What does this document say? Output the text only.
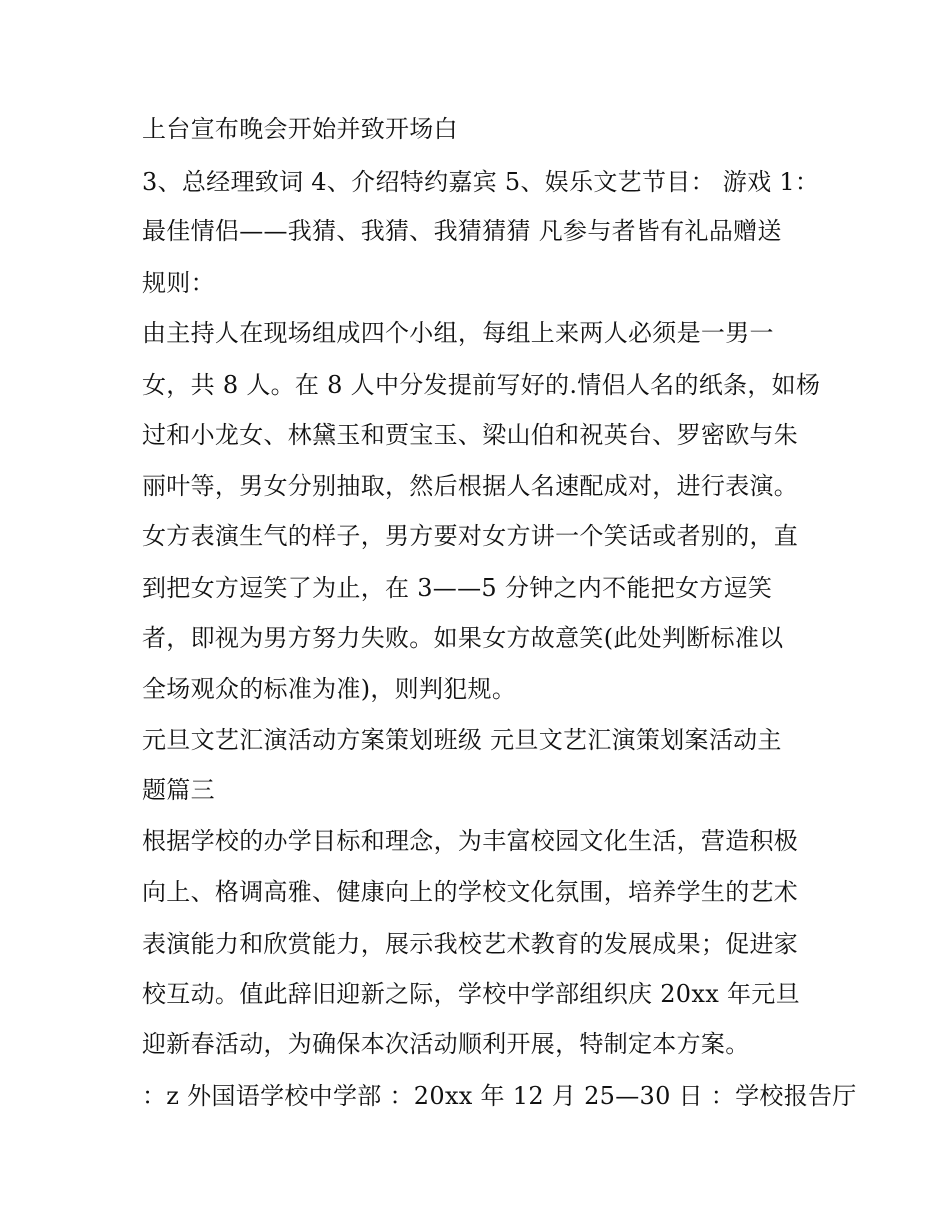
上台宣布晚会开始并致开场白
3、总经理致词 4、介绍特约嘉宾 5、娱乐文艺节目： 游戏 1：
最佳情侣——我猜、我猜、我猜猜猜 凡参与者皆有礼品赠送
规则：
由主持人在现场组成四个小组，每组上来两人必须是一男一
女，共 8 人。在 8 人中分发提前写好的.情侣人名的纸条，如杨
过和小龙女、林黛玉和贾宝玉、梁山伯和祝英台、罗密欧与朱
丽叶等，男女分别抽取，然后根据人名速配成对，进行表演。
女方表演生气的样子，男方要对女方讲一个笑话或者别的，直
到把女方逗笑了为止，在 3——5 分钟之内不能把女方逗笑
者，即视为男方努力失败。如果女方故意笑(此处判断标准以
全场观众的标准为准)，则判犯规。
元旦文艺汇演活动方案策划班级 元旦文艺汇演策划案活动主
题篇三
根据学校的办学目标和理念，为丰富校园文化生活，营造积极
向上、格调高雅、健康向上的学校文化氛围，培养学生的艺术
表演能力和欣赏能力，展示我校艺术教育的发展成果；促进家
校互动。值此辞旧迎新之际，学校中学部组织庆 20xx 年元旦
迎新春活动，为确保本次活动顺利开展，特制定本方案。
：z 外国语学校中学部 ：20xx 年 12 月 25—30 日 ：学校报告厅
